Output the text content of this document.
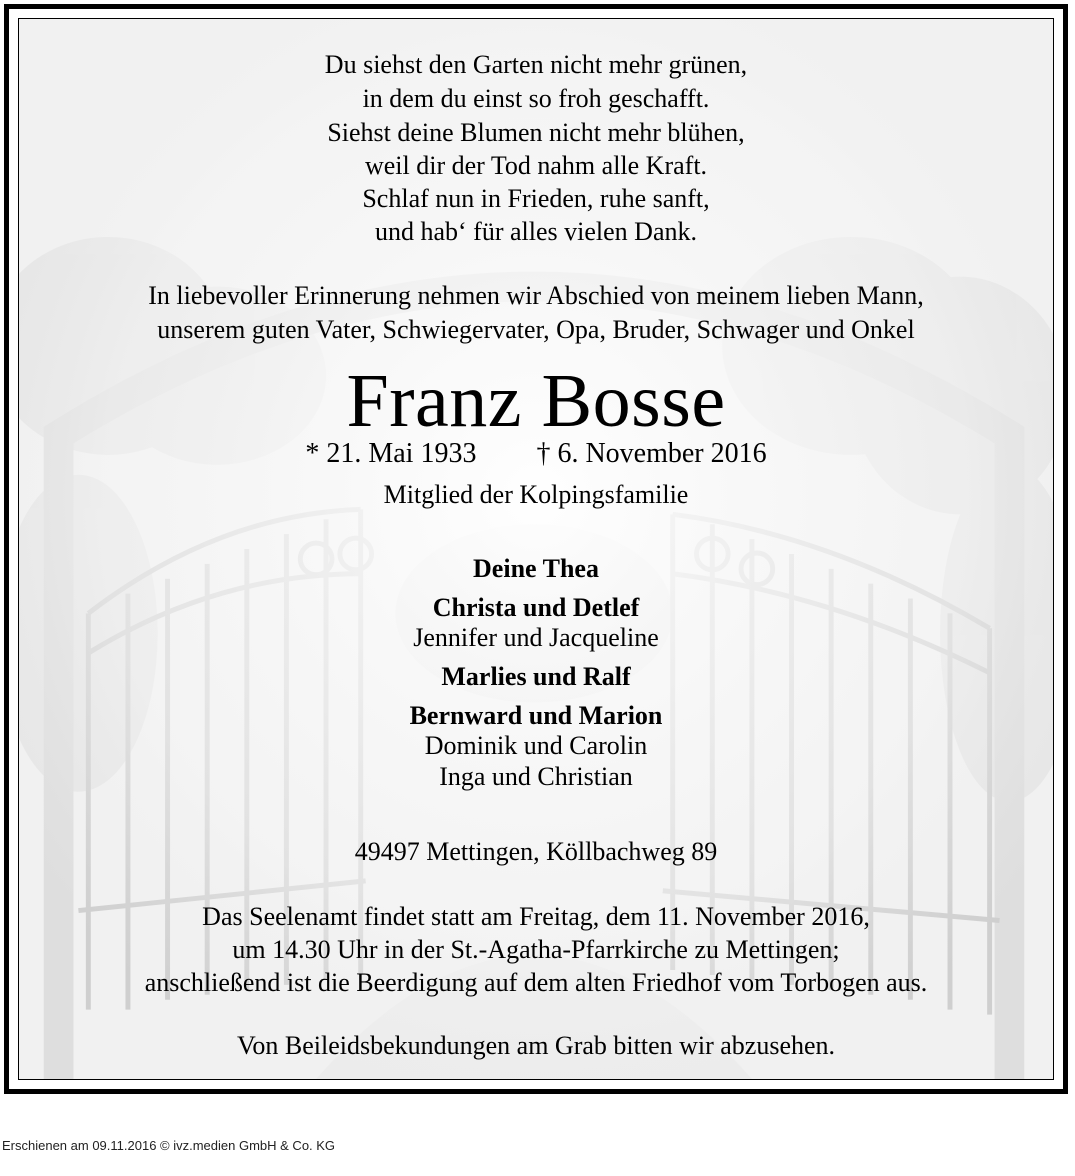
Du siehst den Garten nicht mehr grünen,
in dem du einst so froh geschafft.
Siehst deine Blumen nicht mehr blühen,
weil dir der Tod nahm alle Kraft.
Schlaf nun in Frieden, ruhe sanft,
und hab‘ für alles vielen Dank.
In liebevoller Erinnerung nehmen wir Abschied von meinem lieben Mann,
unserem guten Vater, Schwiegervater, Opa, Bruder, Schwager und Onkel
Franz Bosse
* 21. Mai 1933 † 6. November 2016
Mitglied der Kolpingsfamilie
Deine Thea
Christa und Detlef
Jennifer und Jacqueline
Marlies und Ralf
Bernward und Marion
Dominik und Carolin
Inga und Christian
49497 Mettingen, Köllbachweg 89
Das Seelenamt findet statt am Freitag, dem 11. November 2016,
um 14.30 Uhr in der St.-Agatha-Pfarrkirche zu Mettingen;
anschließend ist die Beerdigung auf dem alten Friedhof vom Torbogen aus.
Von Beileidsbekundungen am Grab bitten wir abzusehen.
Erschienen am 09.11.2016 © ivz.medien GmbH & Co. KG
